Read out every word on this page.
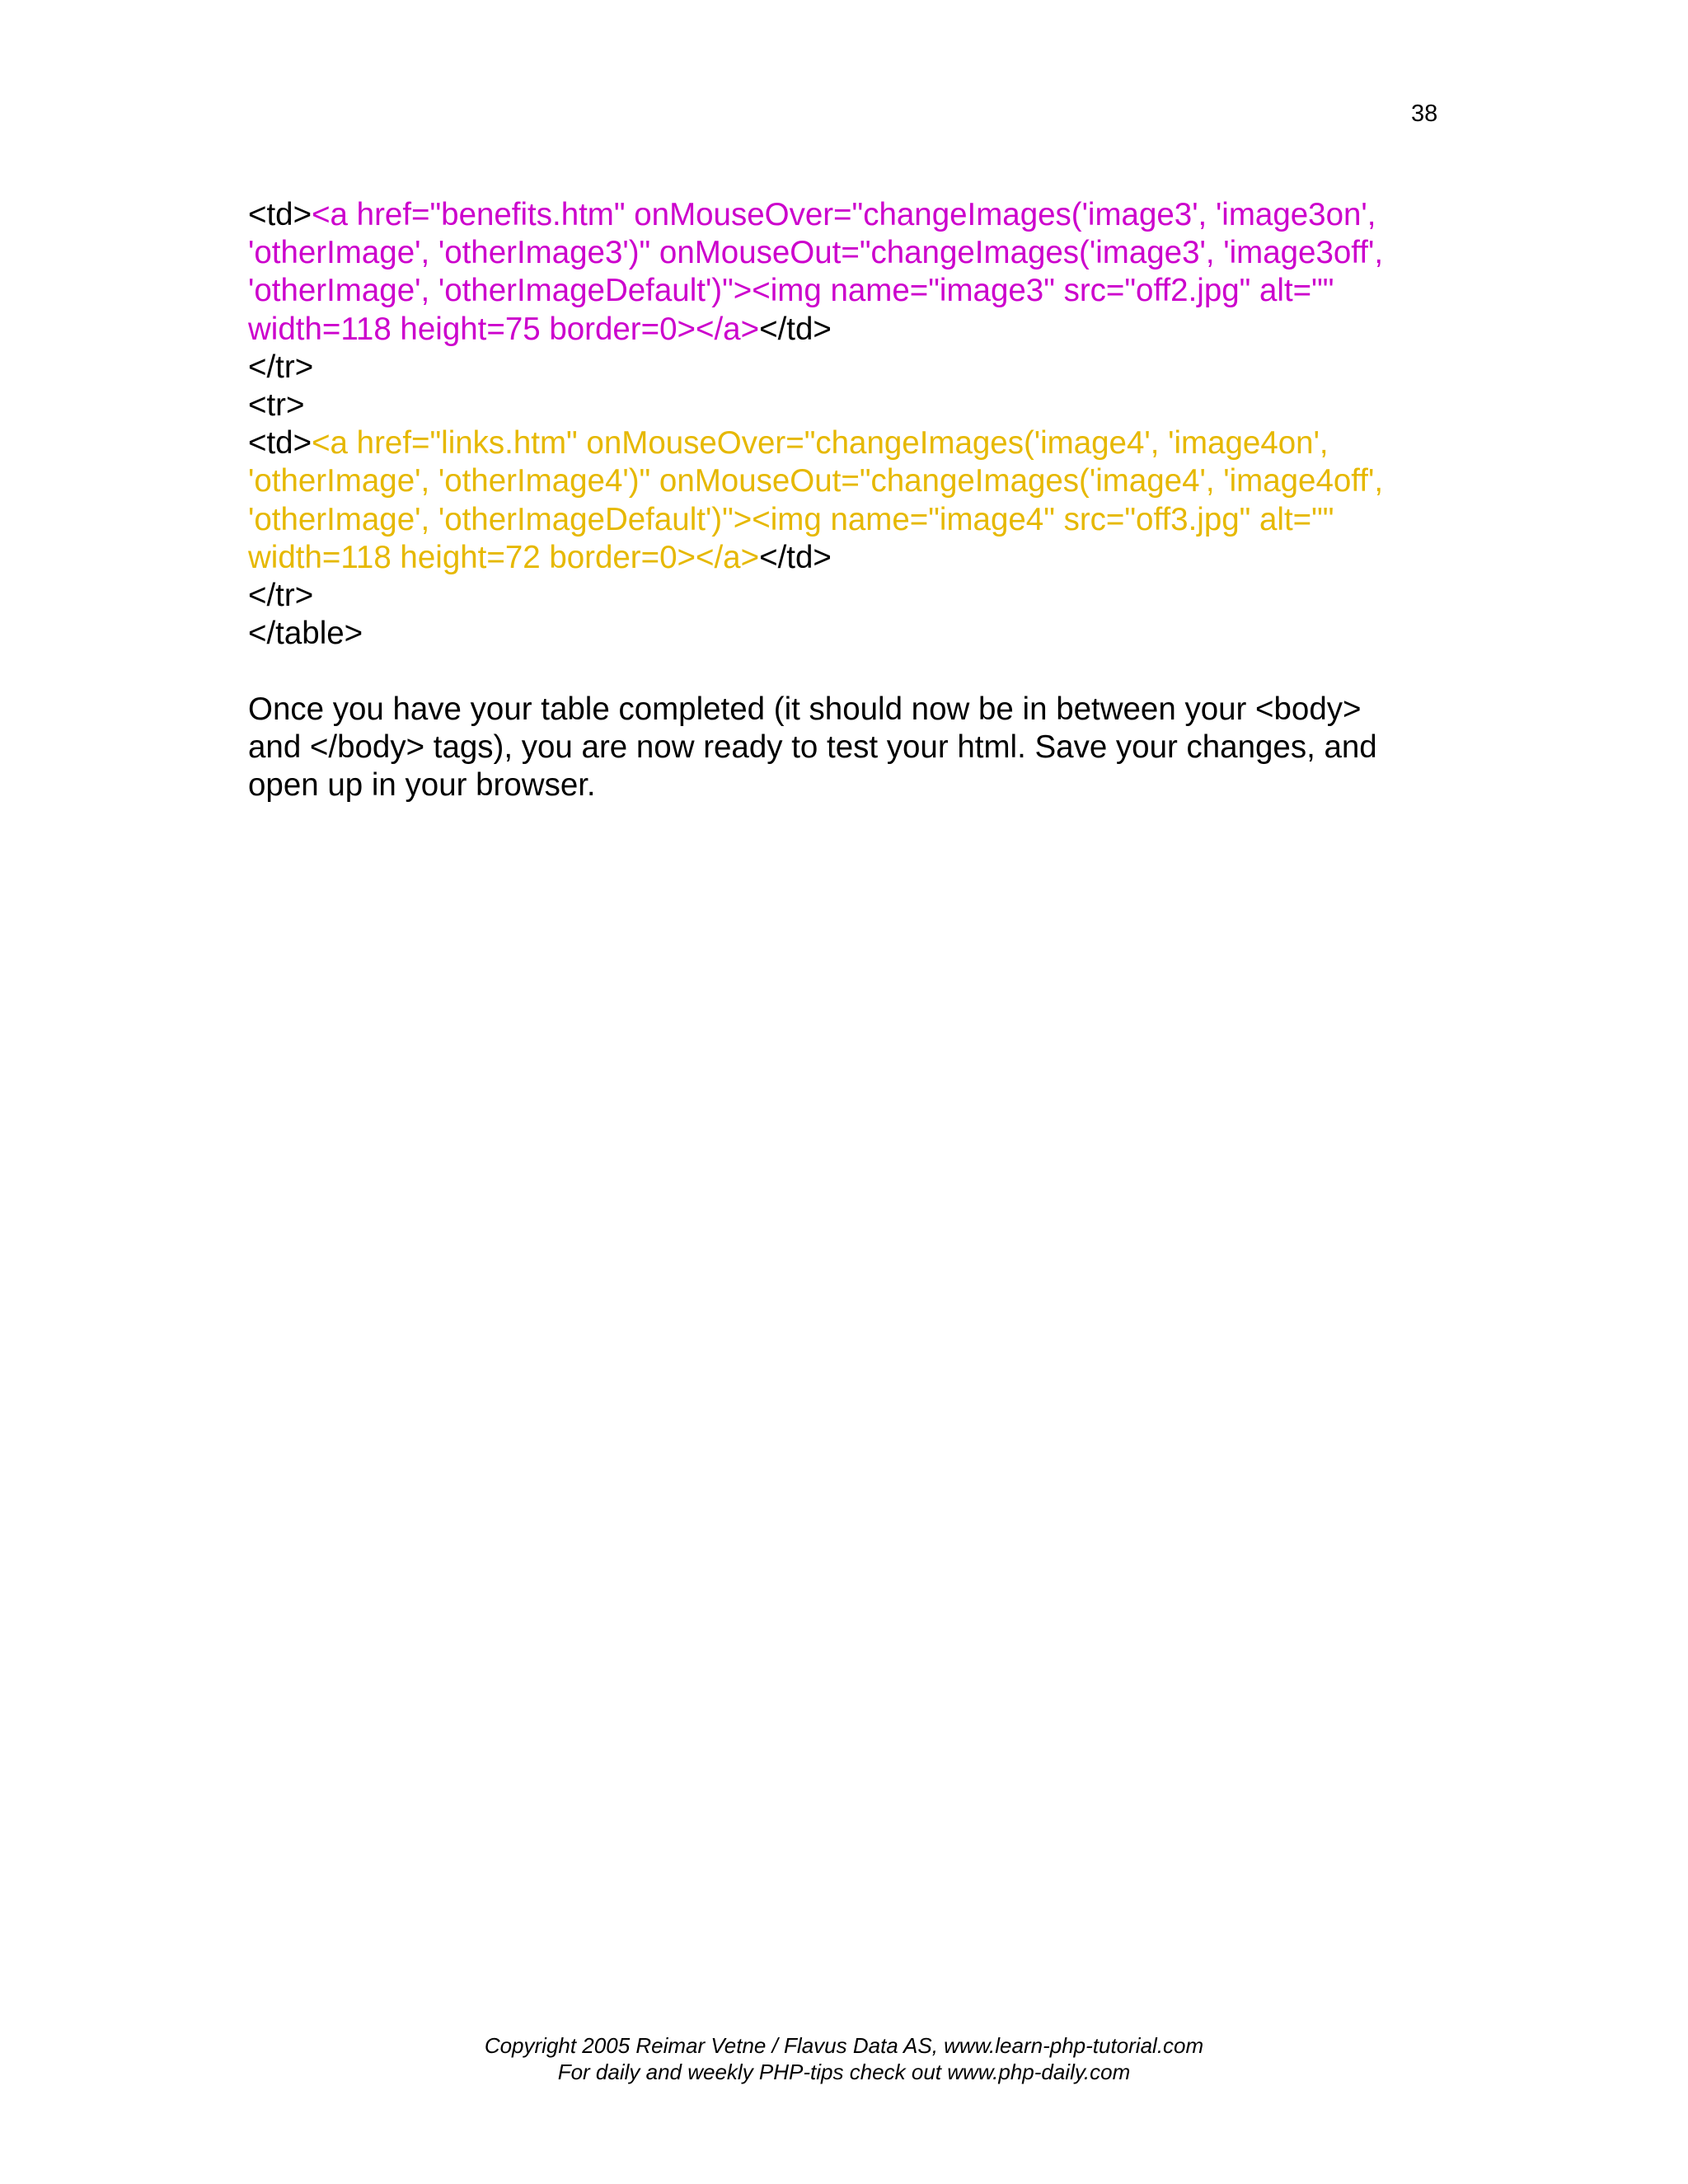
38
<td><a href="benefits.htm" onMouseOver="changeImages('image3', 'image3on',
'otherImage', 'otherImage3')" onMouseOut="changeImages('image3', 'image3off',
'otherImage', 'otherImageDefault')"><img name="image3" src="off2.jpg" alt=""
width=118 height=75 border=0></a></td>
</tr>
<tr>
<td><a href="links.htm" onMouseOver="changeImages('image4', 'image4on',
'otherImage', 'otherImage4')" onMouseOut="changeImages('image4', 'image4off',
'otherImage', 'otherImageDefault')"><img name="image4" src="off3.jpg" alt=""
width=118 height=72 border=0></a></td>
</tr>
</table>
Once you have your table completed (it should now be in between your <body>
and </body> tags), you are now ready to test your html. Save your changes, and
open up in your browser.
Copyright 2005 Reimar Vetne / Flavus Data AS, www.learn-php-tutorial.com
For daily and weekly PHP-tips check out www.php-daily.com
